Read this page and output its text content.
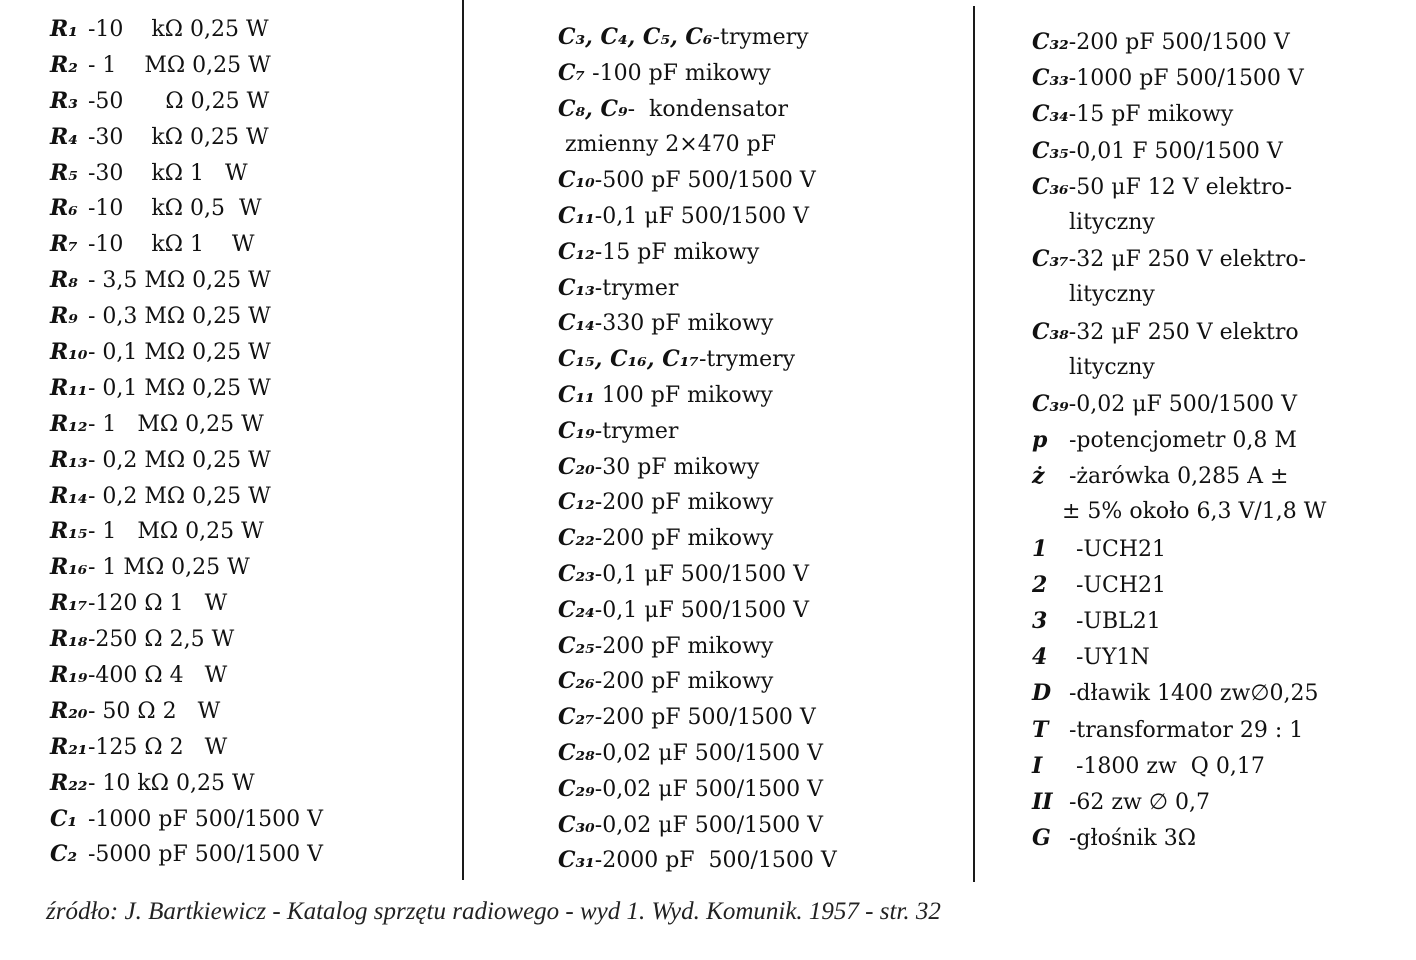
R₁ -10    kΩ 0,25 W
R₂ - 1    MΩ 0,25 W
R₃ -50      Ω 0,25 W
R₄ -30    kΩ 0,25 W
R₅ -30    kΩ 1   W
R₆ -10    kΩ 0,5  W
R₇ -10    kΩ 1    W
R₈ - 3,5 MΩ 0,25 W
R₉ - 0,3 MΩ 0,25 W
R₁₀- 0,1 MΩ 0,25 W
R₁₁- 0,1 MΩ 0,25 W
R₁₂- 1   MΩ 0,25 W
R₁₃- 0,2 MΩ 0,25 W
R₁₄- 0,2 MΩ 0,25 W
R₁₅- 1   MΩ 0,25 W
R₁₆- 1 MΩ 0,25 W
R₁₇-120 Ω 1   W
R₁₈-250 Ω 2,5 W
R₁₉-400 Ω 4   W
R₂₀- 50 Ω 2   W
R₂₁-125 Ω 2   W
R₂₂- 10 kΩ 0,25 W
C₁ -1000 pF 500/1500 V
C₂ -5000 pF 500/1500 V
C₃, C₄, C₅, C₆-trymery
C₇ -100 pF mikowy
C₈, C₉-  kondensator
zmienny 2×470 pF
C₁₀-500 pF 500/1500 V
C₁₁-0,1 μF 500/1500 V
C₁₂-15 pF mikowy
C₁₃-trymer
C₁₄-330 pF mikowy
C₁₅, C₁₆, C₁₇-trymery
C₁₁ 100 pF mikowy
C₁₉-trymer
C₂₀-30 pF mikowy
C₁₂-200 pF mikowy
C₂₂-200 pF mikowy
C₂₃-0,1 μF 500/1500 V
C₂₄-0,1 μF 500/1500 V
C₂₅-200 pF mikowy
C₂₆-200 pF mikowy
C₂₇-200 pF 500/1500 V
C₂₈-0,02 μF 500/1500 V
C₂₉-0,02 μF 500/1500 V
C₃₀-0,02 μF 500/1500 V
C₃₁-2000 pF  500/1500 V
C₃₂-200 pF 500/1500 V
C₃₃-1000 pF 500/1500 V
C₃₄-15 pF mikowy
C₃₅-0,01 F 500/1500 V
C₃₆-50 μF 12 V elektro-
lityczny
C₃₇-32 μF 250 V elektro-
lityczny
C₃₈-32 μF 250 V elektro
lityczny
C₃₉-0,02 μF 500/1500 V
p -potencjometr 0,8 M
ż -żarówka 0,285 A ±
± 5% około 6,3 V/1,8 W
1  -UCH21
2  -UCH21
3  -UBL21
4  -UY1N
D -dławik 1400 zw∅0,25
T -transformator 29 : 1
I  -1800 zw  Q 0,17
II -62 zw ∅ 0,7
G -głośnik 3Ω
źródło: J. Bartkiewicz - Katalog sprzętu radiowego - wyd 1. Wyd. Komunik. 1957 - str. 32
